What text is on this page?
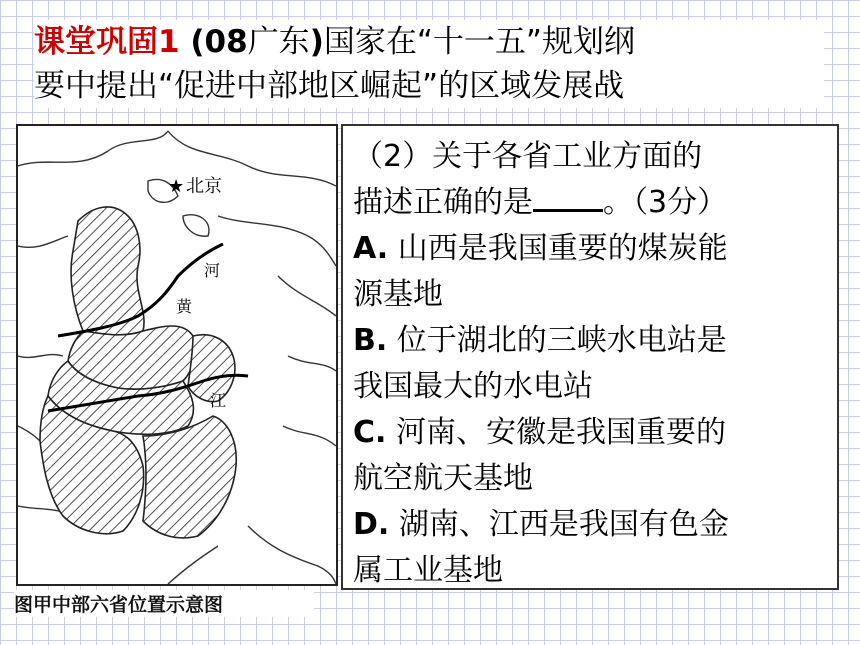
课堂巩固1 (08广东)国家在“十一五”规划纲
要中提出“促进中部地区崛起”的区域发展战
★ 北京
黄
河
江
图甲中部六省位置示意图
（2）关于各省工业方面的
描述正确的是 。（3分）
A. 山西是我国重要的煤炭能
源基地
B. 位于湖北的三峡水电站是
我国最大的水电站
C. 河南、安徽是我国重要的
航空航天基地
D. 湖南、江西是我国有色金
属工业基地
